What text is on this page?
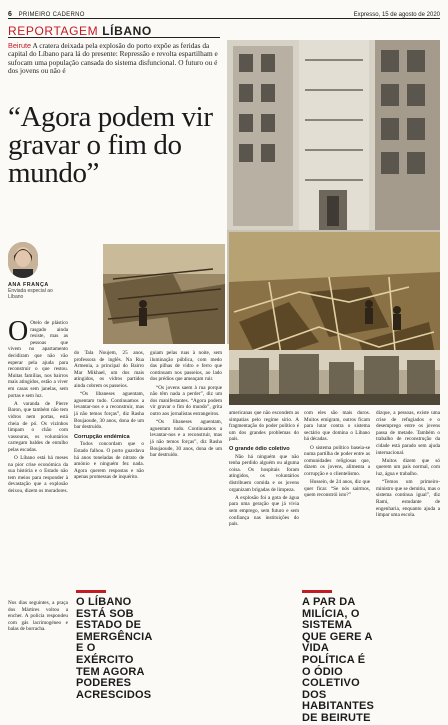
6 PRIMEIRO CADERNO	Expresso, 15 de agosto de 2020
REPORTAGEM LÍBANO
Beirute A cratera deixada pela explosão do porto expõe as feridas da capital do Líbano para lá do presente: Repressão e revolta espartilham e sufocam uma população cansada do sistema disfuncional. O futuro ou é dos jovens ou não é
“Agora podem vir gravar o fim do mundo”
ANA FRANÇA
Enviada especial ao Líbano

O Otelo de plástico rasgado ainda resiste, mas as pessoas que vivem no apartamento decidiram que não vão esperar pela ajuda para reconstruir o que restou. Muitas famílias, nos bairros mais atingidos, estão a viver em casas sem janelas, sem portas e sem luz.

A varanda de Pierre Baron, que também não tem vidros nem portas, está cheia de pó. Os vizinhos limpam o chão com vassouras, os voluntários carregam baldes de entulho pelas escadas.

O Líbano está há meses na pior crise económica da sua história e o Estado não tem meios para responder à devastação que a explosão deixou, dizem os moradores.

Nos dias seguintes, a praça dos Mártires voltou a encher. A polícia respondeu com gás lacrimogéneo e balas de borracha.

do Tala Noujem, 25 anos, professora de inglês. Na Rua Armenia, a principal do Bairro Mar Mikhael, um dos mais atingidos, os vidros partidos ainda cobrem os passeios.

“Os libaneses aguentam, aguentam tudo. Continuamos a levantar-nos e a reconstruir, mas já não temos forças”, diz Rasha Boujaoude, 30 anos, dona de um bar destruído.

Corrupção endémica

Todos concordam que o Estado falhou. O porto guardava há anos toneladas de nitrato de amónio e ninguém fez nada. Agora querem respostas e não apenas promessas de inquérito.

O LÍBANO ESTÁ SOB ESTADO DE EMERGÊNCIA E O EXÉRCITO TEM AGORA PODERES ACRESCIDOS

guiam pelas ruas à noite, sem iluminação pública, com medo das pilhas de vidro e ferro que continuam nos passeios, ao lado dos prédios que ameaçam ruir.

“Os jovens saem à rua porque não têm nada a perder”, diz um dos manifestantes. “Agora podem vir gravar o fim do mundo”, grita outro aos jornalistas estrangeiros.

“Os libaneses aguentam, aguentam tudo. Continuamos a levantar-nos e a reconstruir, mas já não temos forças”, diz Rasha Boujaoude, 30 anos, dona de um bar destruído.

americanas que não escondem as simpatias pelo regime sírio. A fragmentação do poder político é um dos grandes problemas do país.

O grande ódio coletivo

Não há ninguém que não tenha perdido alguém ou alguma coisa. Os hospitais foram atingidos, os voluntários distribuem comida e os jovens organizam brigadas de limpeza.

A explosão foi a gota de água para uma geração que já vivia sem emprego, sem futuro e sem confiança nas instituições do país.

A PAR DA MILÍCIA, O SISTEMA QUE GERE A VIDA POLÍTICA É O ÓDIO COLETIVO DOS HABITANTES DE BEIRUTE

com eles são mais duros. Muitos emigram, outros ficam para lutar contra o sistema sectário que domina o Líbano há décadas.

O sistema político baseia-se numa partilha de poder entre as comunidades religiosas que, dizem os jovens, alimenta a corrupção e o clientelismo.

Hussein, de 24 anos, diz que quer ficar. “Se nós sairmos, quem reconstrói isto?”

dizque, a pessoas, existe uma crise de refugiados e o desemprego entre os jovens passa de metade. Também o trabalho de reconstrução da cidade está parado sem ajuda internacional.

Muitos dizem que só querem um país normal, com luz, água e trabalho.

“Temos um primeiro-ministro que se demitiu, mas o sistema continua igual”, diz Rami, estudante de engenharia, enquanto ajuda a limpar uma escola.
